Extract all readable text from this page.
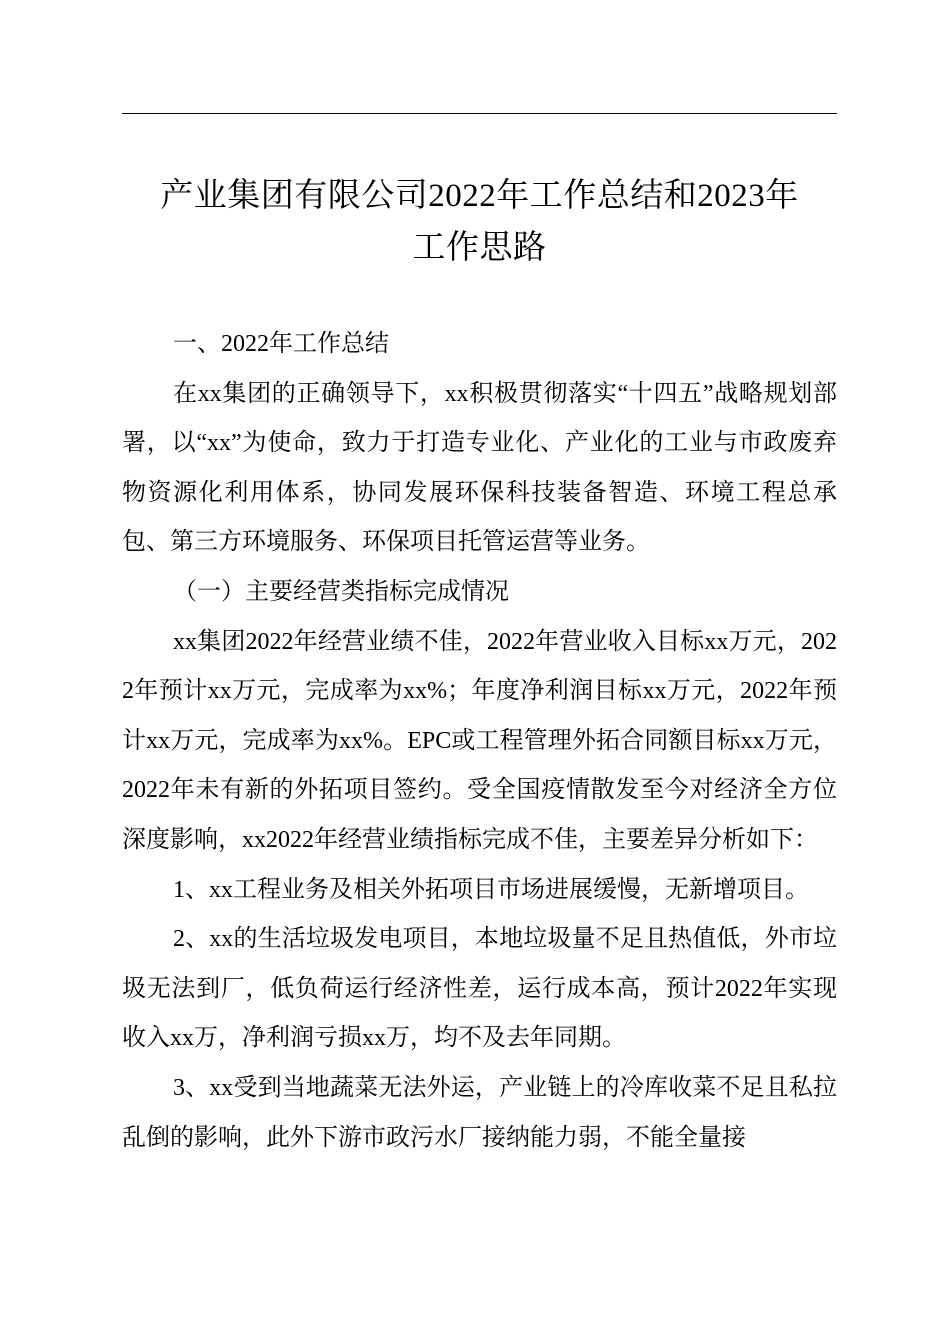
产业集团有限公司2022年工作总结和2023年
工作思路

一、2022年工作总结

在xx集团的正确领导下，xx积极贯彻落实“十四五”战略规划部署，以“xx”为使命，致力于打造专业化、产业化的工业与市政废弃物资源化利用体系，协同发展环保科技装备智造、环境工程总承包、第三方环境服务、环保项目托管运营等业务。

（一）主要经营类指标完成情况

xx集团2022年经营业绩不佳，2022年营业收入目标xx万元，2022年预计xx万元，完成率为xx%；年度净利润目标xx万元，2022年预计xx万元，完成率为xx%。EPC或工程管理外拓合同额目标xx万元，2022年未有新的外拓项目签约。受全国疫情散发至今对经济全方位深度影响，xx2022年经营业绩指标完成不佳，主要差异分析如下：

1、xx工程业务及相关外拓项目市场进展缓慢，无新增项目。

2、xx的生活垃圾发电项目，本地垃圾量不足且热值低，外市垃圾无法到厂，低负荷运行经济性差，运行成本高，预计2022年实现收入xx万，净利润亏损xx万，均不及去年同期。

3、xx受到当地蔬菜无法外运，产业链上的冷库收菜不足且私拉乱倒的影响，此外下游市政污水厂接纳能力弱，不能全量接
